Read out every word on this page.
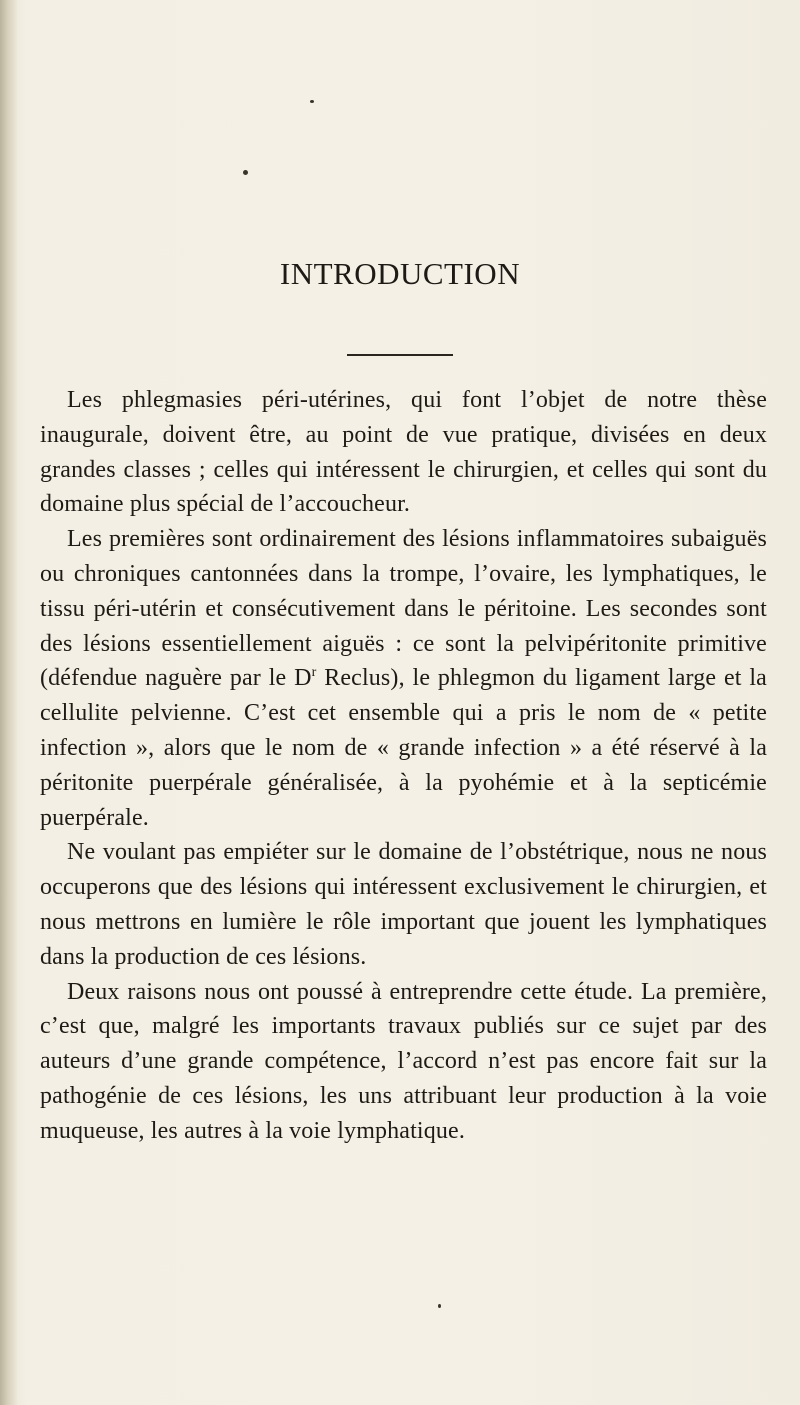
INTRODUCTION

Les phlegmasies péri-utérines, qui font l’objet de notre thèse inaugurale, doivent être, au point de vue pratique, divisées en deux grandes classes ; celles qui intéressent le chirurgien, et celles qui sont du domaine plus spécial de l’accoucheur.

Les premières sont ordinairement des lésions inflammatoires subaiguës ou chroniques cantonnées dans la trompe, l’ovaire, les lymphatiques, le tissu péri-utérin et consécutivement dans le péritoine. Les secondes sont des lésions essentiellement aiguës : ce sont la pelvipéritonite primitive (défendue naguère par le $D^r$ Reclus), le phlegmon du ligament large et la cellulite pelvienne. C’est cet ensemble qui a pris le nom de « petite infection », alors que le nom de « grande infection » a été réservé à la péritonite puerpérale généralisée, à la pyohémie et à la septicémie puerpérale.

Ne voulant pas empiéter sur le domaine de l’obstétrique, nous ne nous occuperons que des lésions qui intéressent exclusivement le chirurgien, et nous mettrons en lumière le rôle important que jouent les lymphatiques dans la production de ces lésions.

Deux raisons nous ont poussé à entreprendre cette étude. La première, c’est que, malgré les importants travaux publiés sur ce sujet par des auteurs d’une grande compétence, l’accord n’est pas encore fait sur la pathogénie de ces lésions, les uns attribuant leur production à la voie muqueuse, les autres à la voie lymphatique.
